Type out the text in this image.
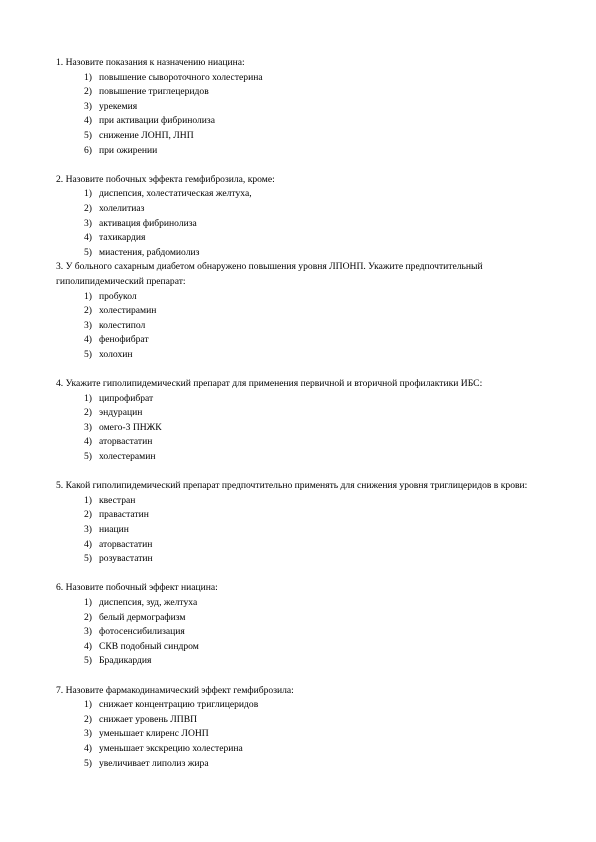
1. Назовите показания к назначению ниацина:

1) повышение сывороточного холестерина
2) повышение триглецеридов
3) урекемия
4) при активации фибринолиза
5) снижение ЛОНП, ЛНП
6) при ожирении

2. Назовите побочных эффекта гемфиброзила, кроме:

1) диспепсия, холестатическая желтуха,
2) холелитиаз
3) активация фибринолиза
4) тахикардия
5) миастения, рабдомиолиз

3. У больного сахарным диабетом обнаружено повышения уровня ЛПОНП. Укажите предпочтительный гиполипидемический препарат:

1) пробукол
2) холестирамин
3) колестипол
4) фенофибрат
5) холохин

4. Укажите гиполипидемический препарат для применения первичной и вторичной профилактики ИБС:

1) ципрофибрат
2) эндурацин
3) омего-3 ПНЖК
4) аторвастатин
5) холестерамин

5. Какой гиполипидемический препарат предпочтительно применять для снижения уровня триглицеридов в крови:

1) квестран
2) правастатин
3) ниацин
4) аторвастатин
5) розувастатин

6. Назовите побочный эффект ниацина:

1) диспепсия, зуд, желтуха
2) белый дермографизм
3) фотосенсибилизация
4) СКВ подобный синдром
5) Брадикардия

7. Назовите фармакодинамический эффект гемфиброзила:

1) снижает концентрацию триглицеридов
2) снижает уровень ЛПВП
3) уменьшает клиренс ЛОНП
4) уменьшает экскрецию холестерина
5) увеличивает липолиз жира
